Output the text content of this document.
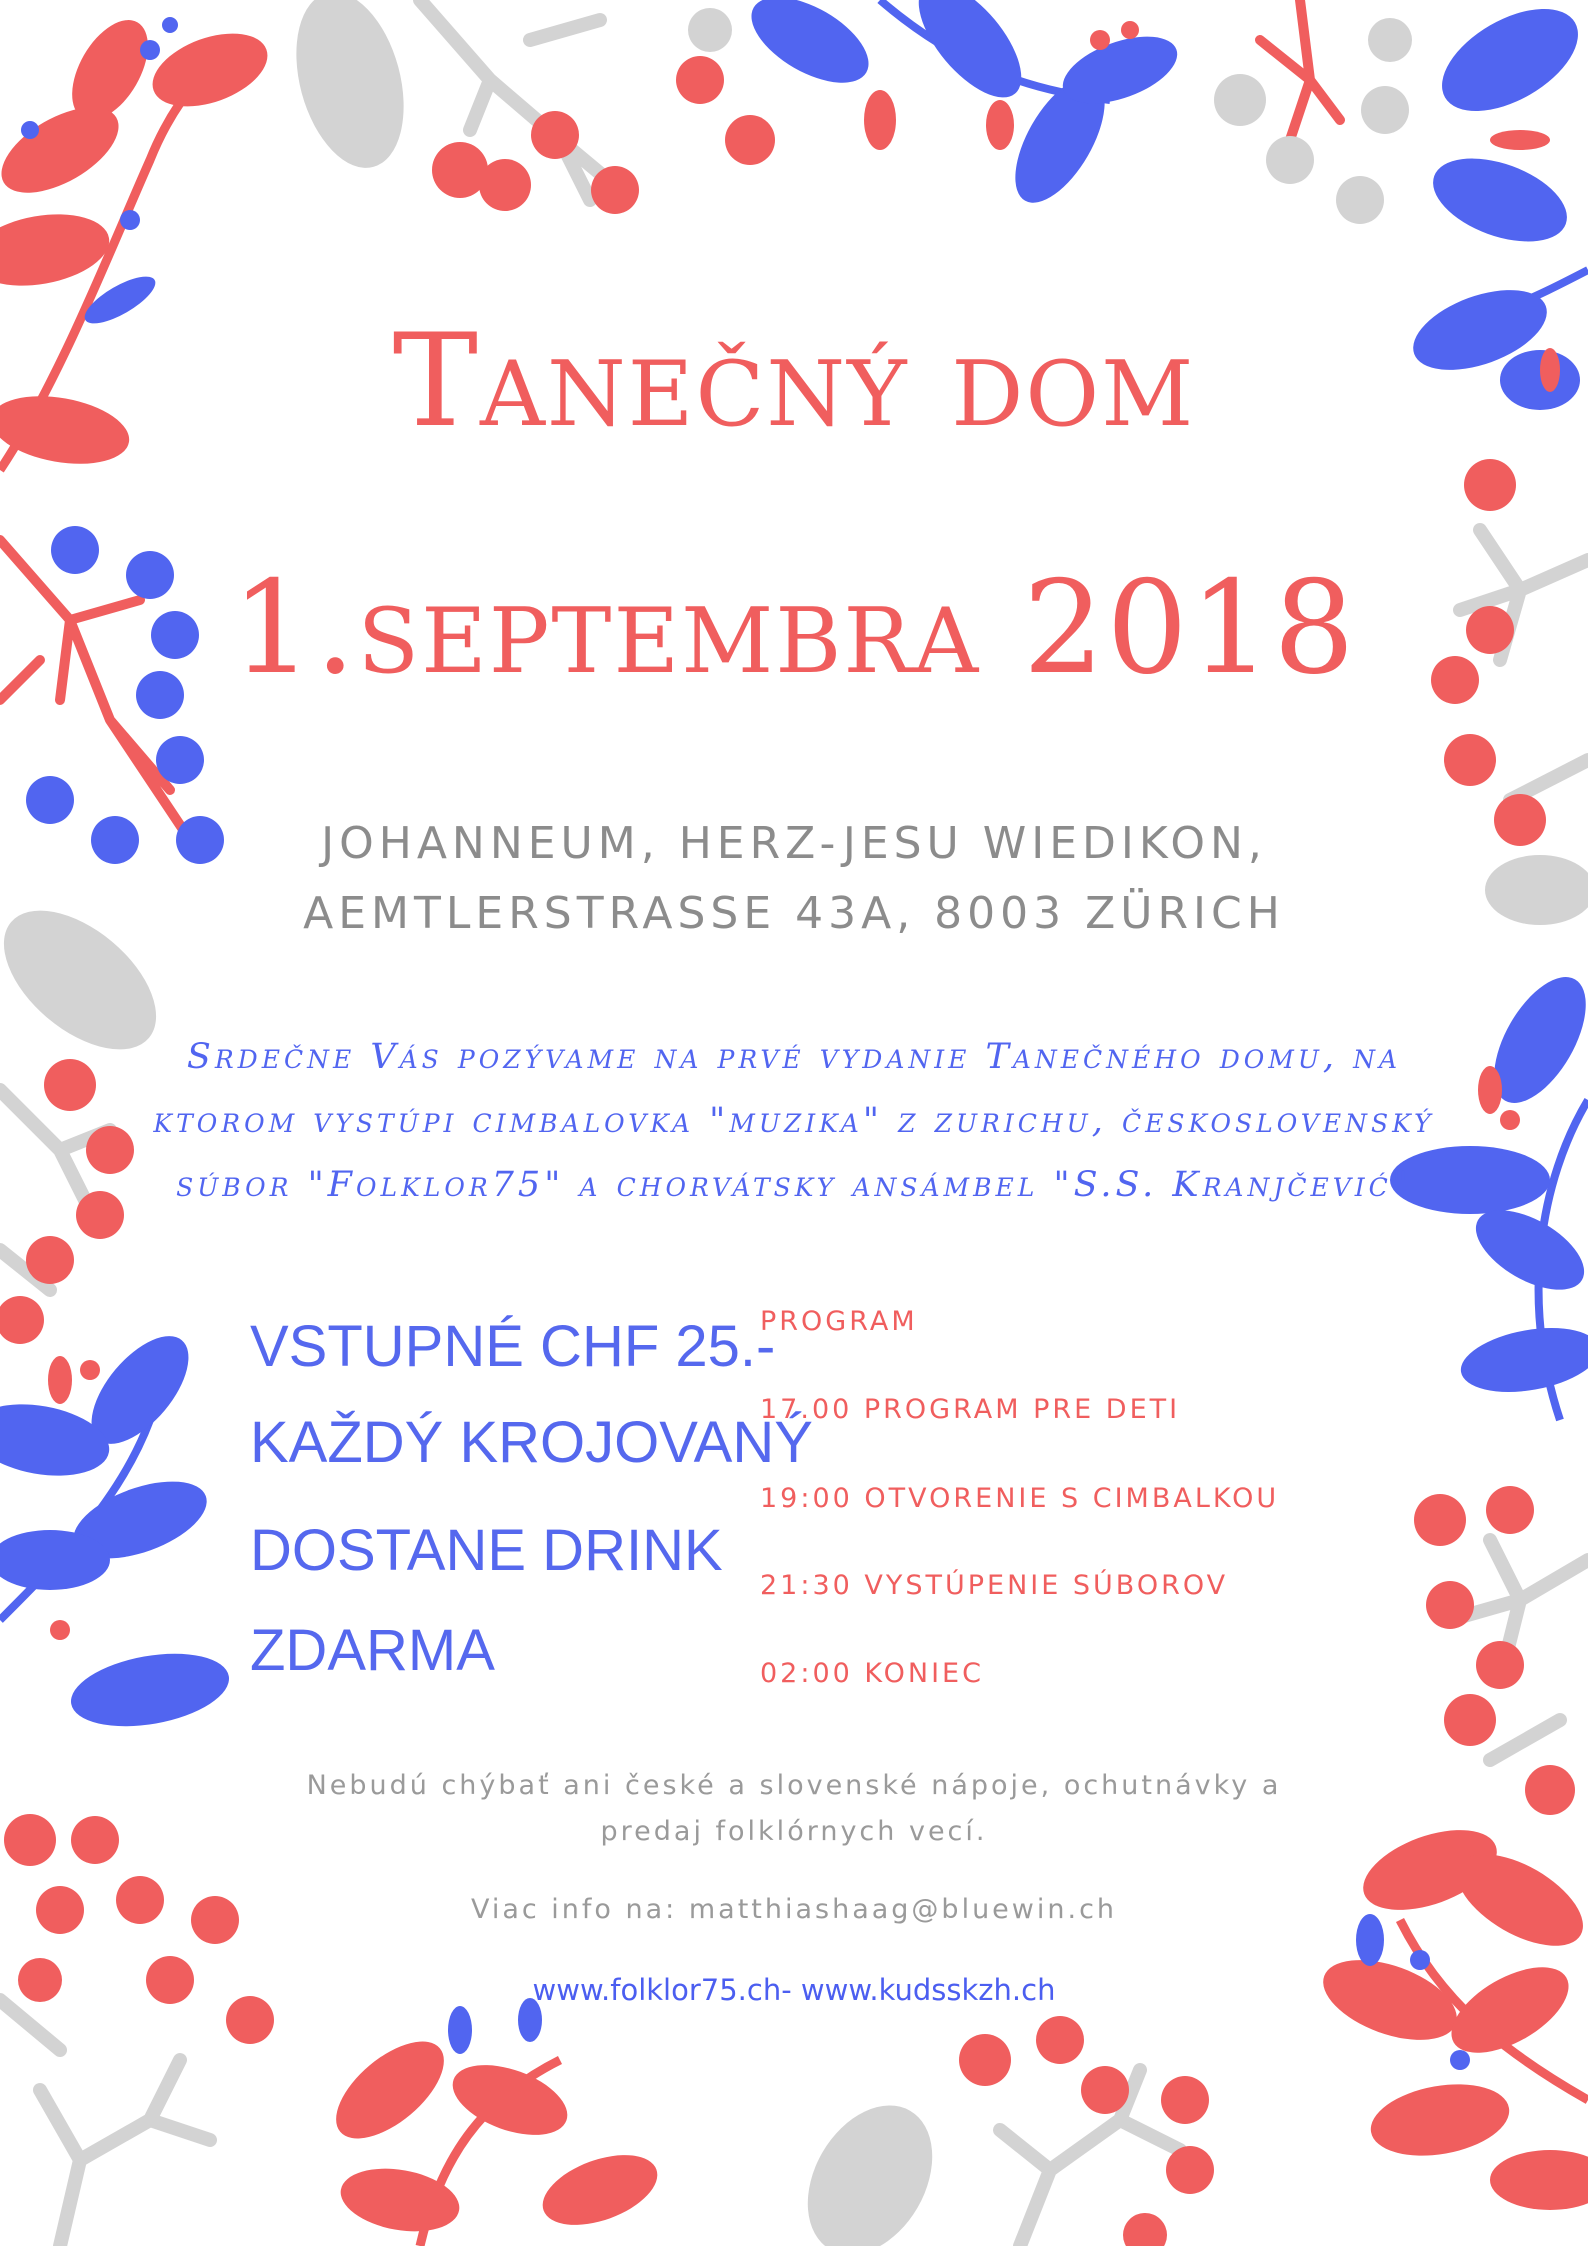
Tanečný dom
1.septembra 2018
JOHANNEUM, HERZ-JESU WIEDIKON,
AEMTLERSTRASSE 43A, 8003 ZÜRICH
Srdečne Vás pozývame na prvé vydanie Tanečného domu, na
ktorom vystúpi cimbalovka "muzika" z zurichu, československý
súbor "Folklor75" a chorvátsky ansámbel "S.S. Kranjčević"
VSTUPNÉ CHF 25.-
KAŽDÝ KROJOVANÝ
DOSTANE DRINK
ZDARMA
PROGRAM
17.00 PROGRAM PRE DETI
19:00 OTVORENIE S CIMBALKOU
21:30 VYSTÚPENIE SÚBOROV
02:00 KONIEC
Nebudú chýbať ani české a slovenské nápoje, ochutnávky a
predaj folklórnych vecí.
Viac info na: matthiashaag@bluewin.ch
www.folklor75.ch- www.kudsskzh.ch
